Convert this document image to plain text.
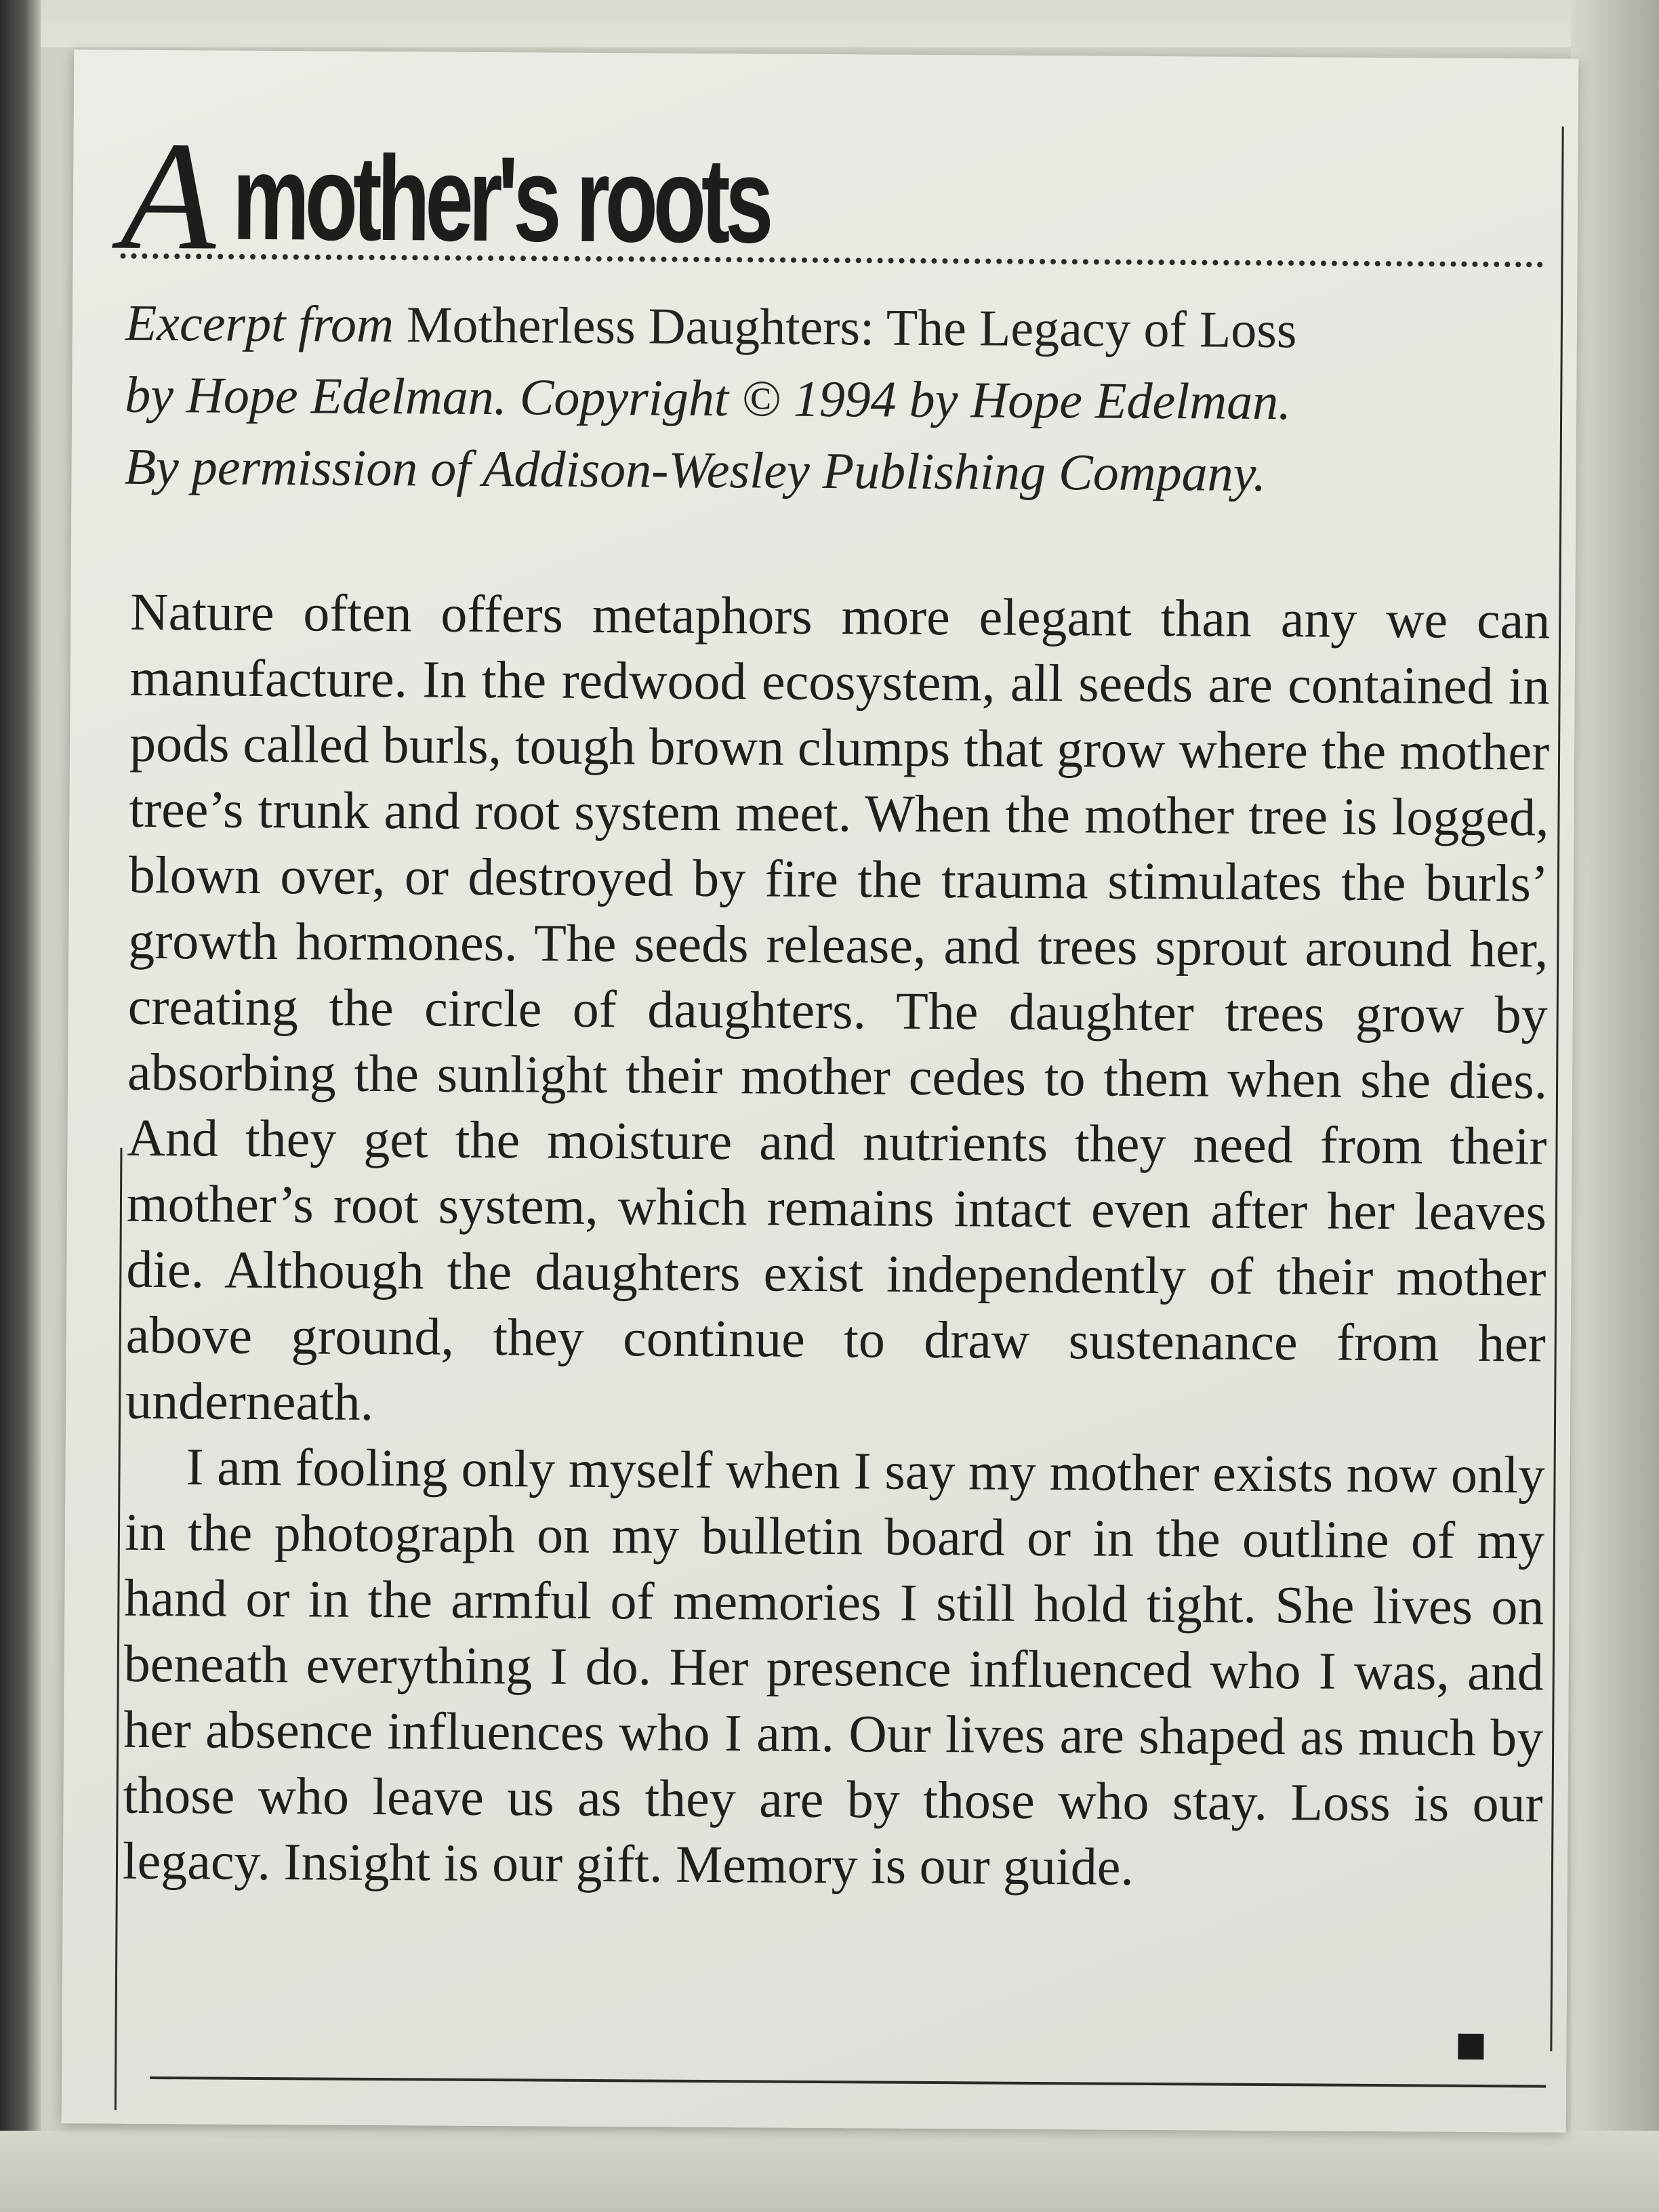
A mother's roots
Excerpt from Motherless Daughters: The Legacy of Loss
by Hope Edelman. Copyright © 1994 by Hope Edelman.
By permission of Addison-Wesley Publishing Company.

Nature often offers metaphors more elegant than any we can manufacture. In the redwood ecosystem, all seeds are contained in pods called burls, tough brown clumps that grow where the mother tree’s trunk and root system meet. When the mother tree is logged, blown over, or destroyed by fire the trauma stimulates the burls’ growth hormones. The seeds release, and trees sprout around her, creating the circle of daughters. The daughter trees grow by absorbing the sunlight their mother cedes to them when she dies. And they get the moisture and nutrients they need from their mother’s root system, which remains intact even after her leaves die. Although the daughters exist independently of their mother above ground, they continue to draw sustenance from her underneath.

I am fooling only myself when I say my mother exists now only in the photograph on my bulletin board or in the outline of my hand or in the armful of memories I still hold tight. She lives on beneath everything I do. Her presence influenced who I was, and her absence influences who I am. Our lives are shaped as much by those who leave us as they are by those who stay. Loss is our legacy. Insight is our gift. Memory is our guide.
